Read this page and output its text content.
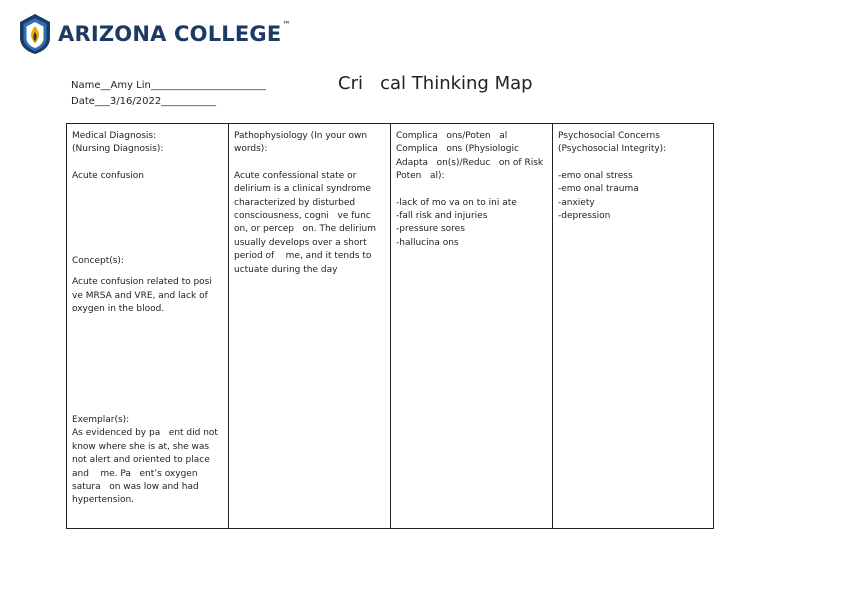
ARIZONA COLLEGE™
Name__Amy Lin_______________________
Date___3/16/2022___________
Cri   cal Thinking Map
Medical Diagnosis:
(Nursing Diagnosis):
Acute confusion
Concept(s):
Acute confusion related to posi   ve MRSA and VRE, and lack of oxygen in the blood.
Exemplar(s):
As evidenced by pa   ent did not know where she is at, she was not alert and oriented to place and    me. Pa   ent’s oxygen satura   on was low and had hypertension.
Pathophysiology (In your own words):
Acute confessional state or delirium is a clinical syndrome characterized by disturbed consciousness, cogni   ve func   on, or percep   on. The delirium usually develops over a short period of    me, and it tends to     uctuate during the day
Complica   ons/Poten   al Complica   ons (Physiologic Adapta   on(s)/Reduc   on of Risk Poten   al):
-lack of mo va on to ini ate
-fall risk and injuries
-pressure sores
-hallucina ons
Psychosocial Concerns (Psychosocial Integrity):
-emo onal stress
-emo onal trauma
-anxiety
-depression
